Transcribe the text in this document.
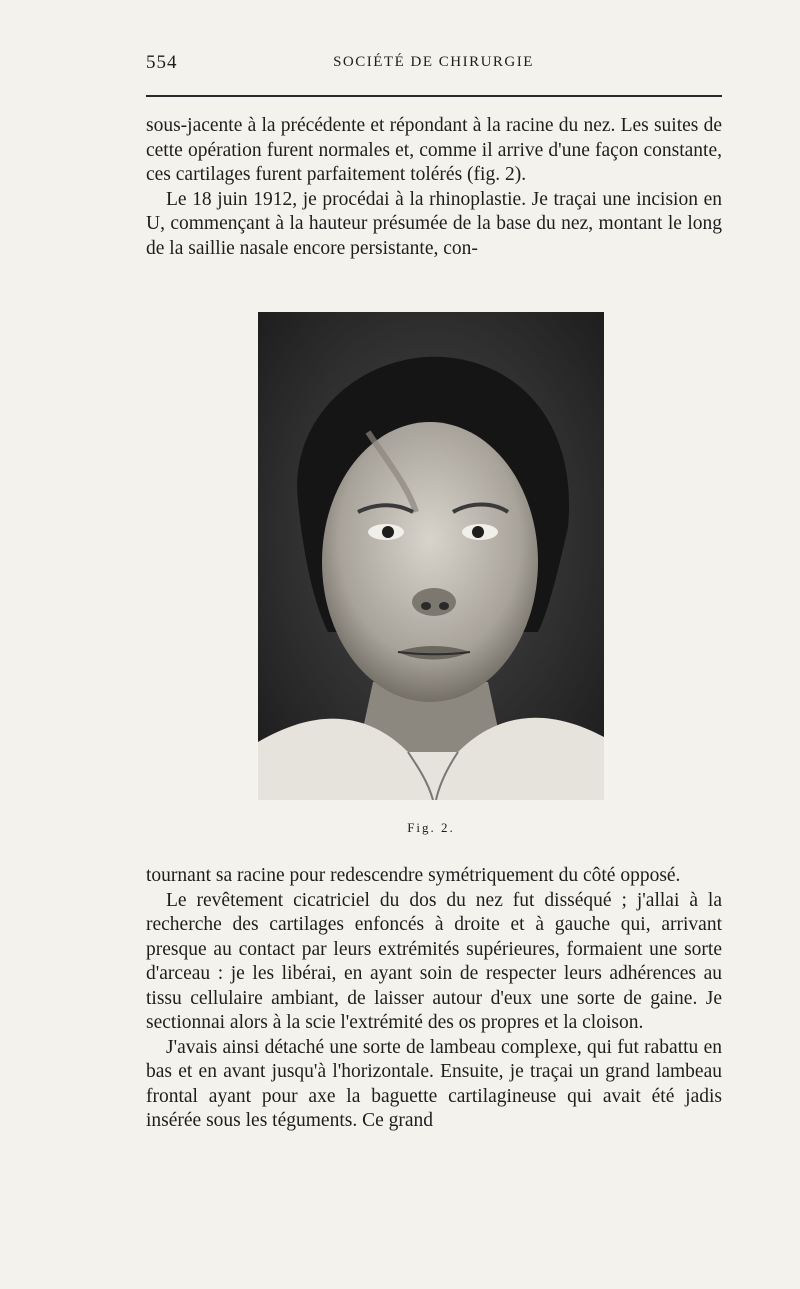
554	SOCIÉTÉ DE CHIRURGIE

sous-jacente à la précédente et répondant à la racine du nez. Les suites de cette opération furent normales et, comme il arrive d'une façon constante, ces cartilages furent parfaitement tolérés (fig. 2).

Le 18 juin 1912, je procédai à la rhinoplastie. Je traçai une incision en U, commençant à la hauteur présumée de la base du nez, montant le long de la saillie nasale encore persistante, con-

Fig. 2.

tournant sa racine pour redescendre symétriquement du côté opposé.

Le revêtement cicatriciel du dos du nez fut disséqué ; j'allai à la recherche des cartilages enfoncés à droite et à gauche qui, arrivant presque au contact par leurs extrémités supérieures, formaient une sorte d'arceau : je les libérai, en ayant soin de respecter leurs adhérences au tissu cellulaire ambiant, de laisser autour d'eux une sorte de gaine. Je sectionnai alors à la scie l'extrémité des os propres et la cloison.

J'avais ainsi détaché une sorte de lambeau complexe, qui fut rabattu en bas et en avant jusqu'à l'horizontale. Ensuite, je traçai un grand lambeau frontal ayant pour axe la baguette cartilagineuse qui avait été jadis insérée sous les téguments. Ce grand
